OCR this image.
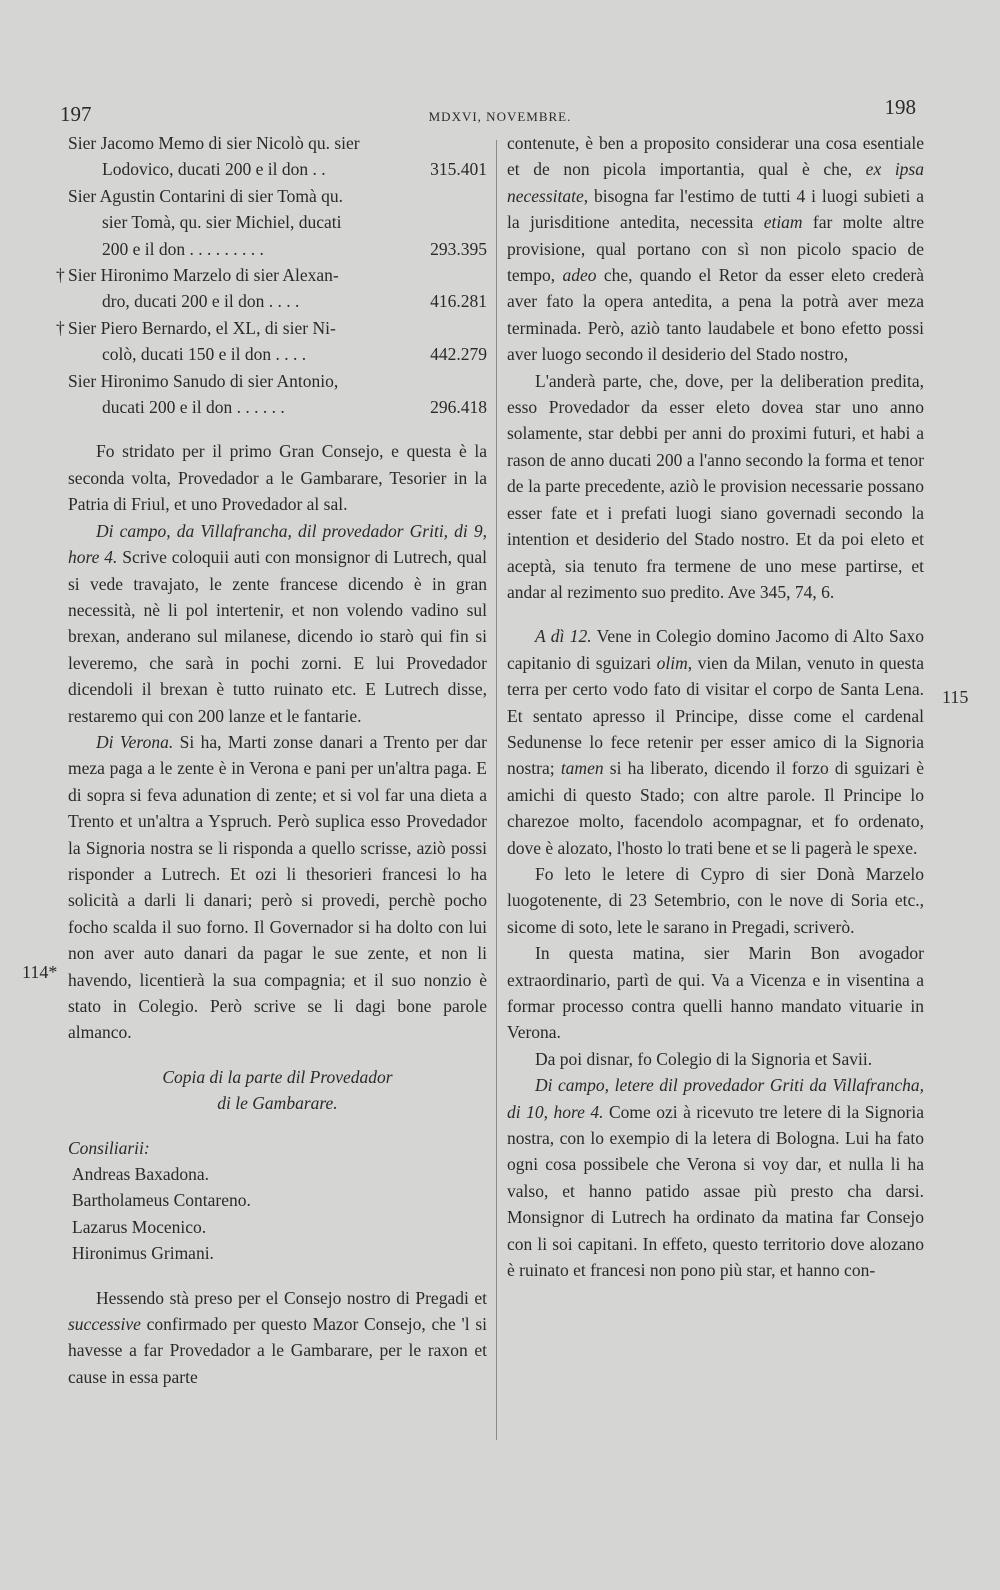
197	MDXVI, NOVEMBRE.	198
114*
115
Sier Jacomo Memo di sier Nicolò qu. sier
Lodovico, ducati 200 e il don . .	315.401
Sier Agustin Contarini di sier Tomà qu.
sier Tomà, qu. sier Michiel, ducati
200 e il don . . . . . . . . .	293.395
† Sier Hironimo Marzelo di sier Alexan-
dro, ducati 200 e il don . . . .	416.281
† Sier Piero Bernardo, el XL, di sier Ni-
colò, ducati 150 e il don . . . .	442.279
Sier Hironimo Sanudo di sier Antonio,
ducati 200 e il don . . . . . .	296.418

Fo stridato per il primo Gran Consejo, e questa è la seconda volta, Provedador a le Gambarare, Tesorier in la Patria di Friul, et uno Provedador al sal.

Di campo, da Villafrancha, dil provedador Griti, di 9, hore 4. Scrive coloquii auti con monsignor di Lutrech, qual si vede travajato, le zente francese dicendo è in gran necessità, nè li pol intertenir, et non volendo vadino sul brexan, anderano sul milanese, dicendo io starò qui fin si leveremo, che sarà in pochi zorni. E lui Provedador dicendoli il brexan è tutto ruinato etc. E Lutrech disse, restaremo qui con 200 lanze et le fantarie.

Di Verona. Si ha, Marti zonse danari a Trento per dar meza paga a le zente è in Verona e pani per un'altra paga. E di sopra si feva adunation di zente; et si vol far una dieta a Trento et un'altra a Yspruch. Però suplica esso Provedador la Signoria nostra se li risponda a quello scrisse, aziò possi risponder a Lutrech. Et ozi li thesorieri francesi lo ha solicità a darli li danari; però si provedi, perchè pocho focho scalda il suo forno. Il Governador si ha dolto con lui non aver auto danari da pagar le sue zente, et non li havendo, licentierà la sua compagnia; et il suo nonzio è stato in Colegio. Però scrive se li dagi bone parole almanco.

Copia di la parte dil Provedador

di le Gambarare.

Consiliarii:

Andreas Baxadona.
Bartholameus Contareno.
Lazarus Mocenico.
Hironimus Grimani.

Hessendo stà preso per el Consejo nostro di Pregadi et successive confirmado per questo Mazor Consejo, che 'l si havesse a far Provedador a le Gambarare, per le raxon et cause in essa parte

contenute, è ben a proposito considerar una cosa esentiale et de non picola importantia, qual è che, ex ipsa necessitate, bisogna far l'estimo de tutti 4 i luogi subieti a la jurisditione antedita, necessita etiam far molte altre provisione, qual portano con sì non picolo spacio de tempo, adeo che, quando el Retor da esser eleto crederà aver fato la opera antedita, a pena la potrà aver meza terminada. Però, aziò tanto laudabele et bono efetto possi aver luogo secondo il desiderio del Stado nostro,

L'anderà parte, che, dove, per la deliberation predita, esso Provedador da esser eleto dovea star uno anno solamente, star debbi per anni do proximi futuri, et habi a rason de anno ducati 200 a l'anno secondo la forma et tenor de la parte precedente, aziò le provision necessarie possano esser fate et i prefati luogi siano governadi secondo la intention et desiderio del Stado nostro. Et da poi eleto et aceptà, sia tenuto fra termene de uno mese partirse, et andar al rezimento suo predito. Ave 345, 74, 6.

A dì 12. Vene in Colegio domino Jacomo di Alto Saxo capitanio di sguizari olim, vien da Milan, venuto in questa terra per certo vodo fato di visitar el corpo de Santa Lena. Et sentato apresso il Principe, disse come el cardenal Sedunense lo fece retenir per esser amico di la Signoria nostra; tamen si ha liberato, dicendo il forzo di sguizari è amichi di questo Stado; con altre parole. Il Principe lo charezoe molto, facendolo acompagnar, et fo ordenato, dove è alozato, l'hosto lo trati bene et se li pagerà le spexe.

Fo leto le letere di Cypro di sier Donà Marzelo luogotenente, di 23 Setembrio, con le nove di Soria etc., sicome di soto, lete le sarano in Pregadi, scriverò.

In questa matina, sier Marin Bon avogador extraordinario, partì de qui. Va a Vicenza e in visentina a formar processo contra quelli hanno mandato vituarie in Verona.

Da poi disnar, fo Colegio di la Signoria et Savii.

Di campo, letere dil provedador Griti da Villafrancha, di 10, hore 4. Come ozi à ricevuto tre letere di la Signoria nostra, con lo exempio di la letera di Bologna. Lui ha fato ogni cosa possibele che Verona si voy dar, et nulla li ha valso, et hanno patido assae più presto cha darsi. Monsignor di Lutrech ha ordinato da matina far Consejo con li soi capitani. In effeto, questo territorio dove alozano è ruinato et francesi non pono più star, et hanno con-
